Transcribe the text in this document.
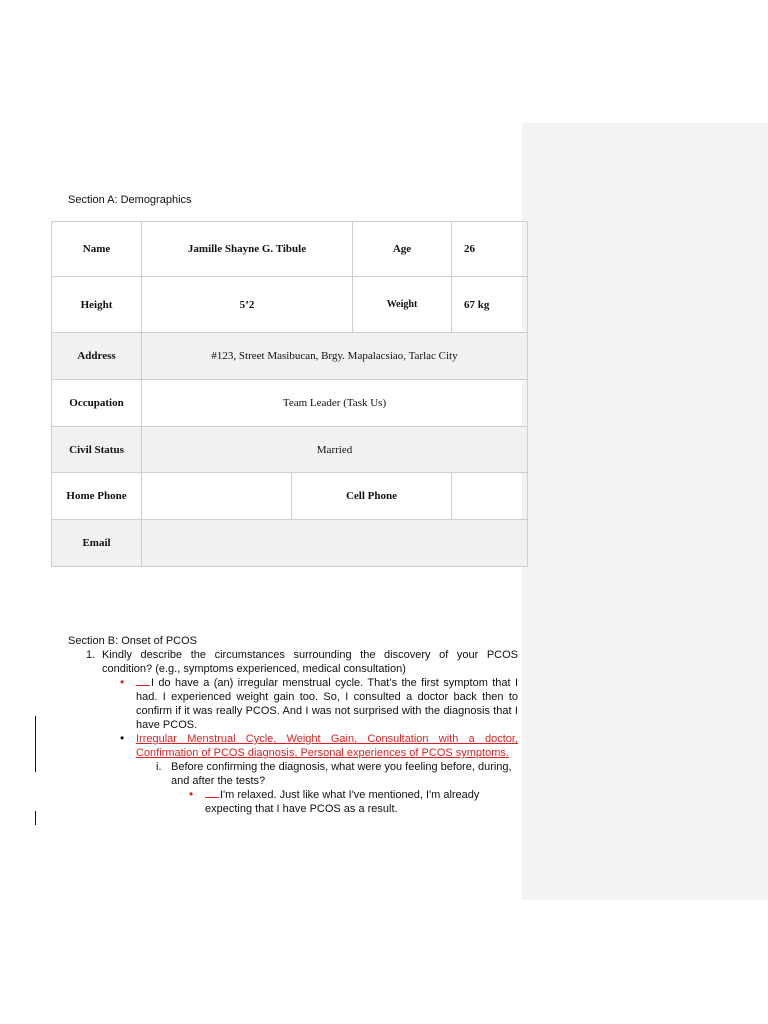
Section A: Demographics
Name	Jamille Shayne G. Tibule		Age	26
Height	5’2		Weight	67 kg
Address	#123, Street Masibucan, Brgy. Mapalacsiao, Tarlac City			
Occupation	Team Leader (Task Us)			
Civil Status	Married			
Home Phone		Cell Phone		
Email				
Section B: Onset of PCOS
1. Kindly describe the circumstances surrounding the discovery of your PCOS condition? (e.g., symptoms experienced, medical consultation)
• I do have a (an) irregular menstrual cycle. That’s the first symptom that I had. I experienced weight gain too. So, I consulted a doctor back then to confirm if it was really PCOS. And I was not surprised with the diagnosis that I have PCOS.
• Irregular Menstrual Cycle, Weight Gain, Consultation with a doctor, Confirmation of PCOS diagnosis, Personal experiences of PCOS symptoms.
i. Before confirming the diagnosis, what were you feeling before, during, and after the tests?
• I'm relaxed. Just like what I've mentioned, I'm already expecting that I have PCOS as a result.
